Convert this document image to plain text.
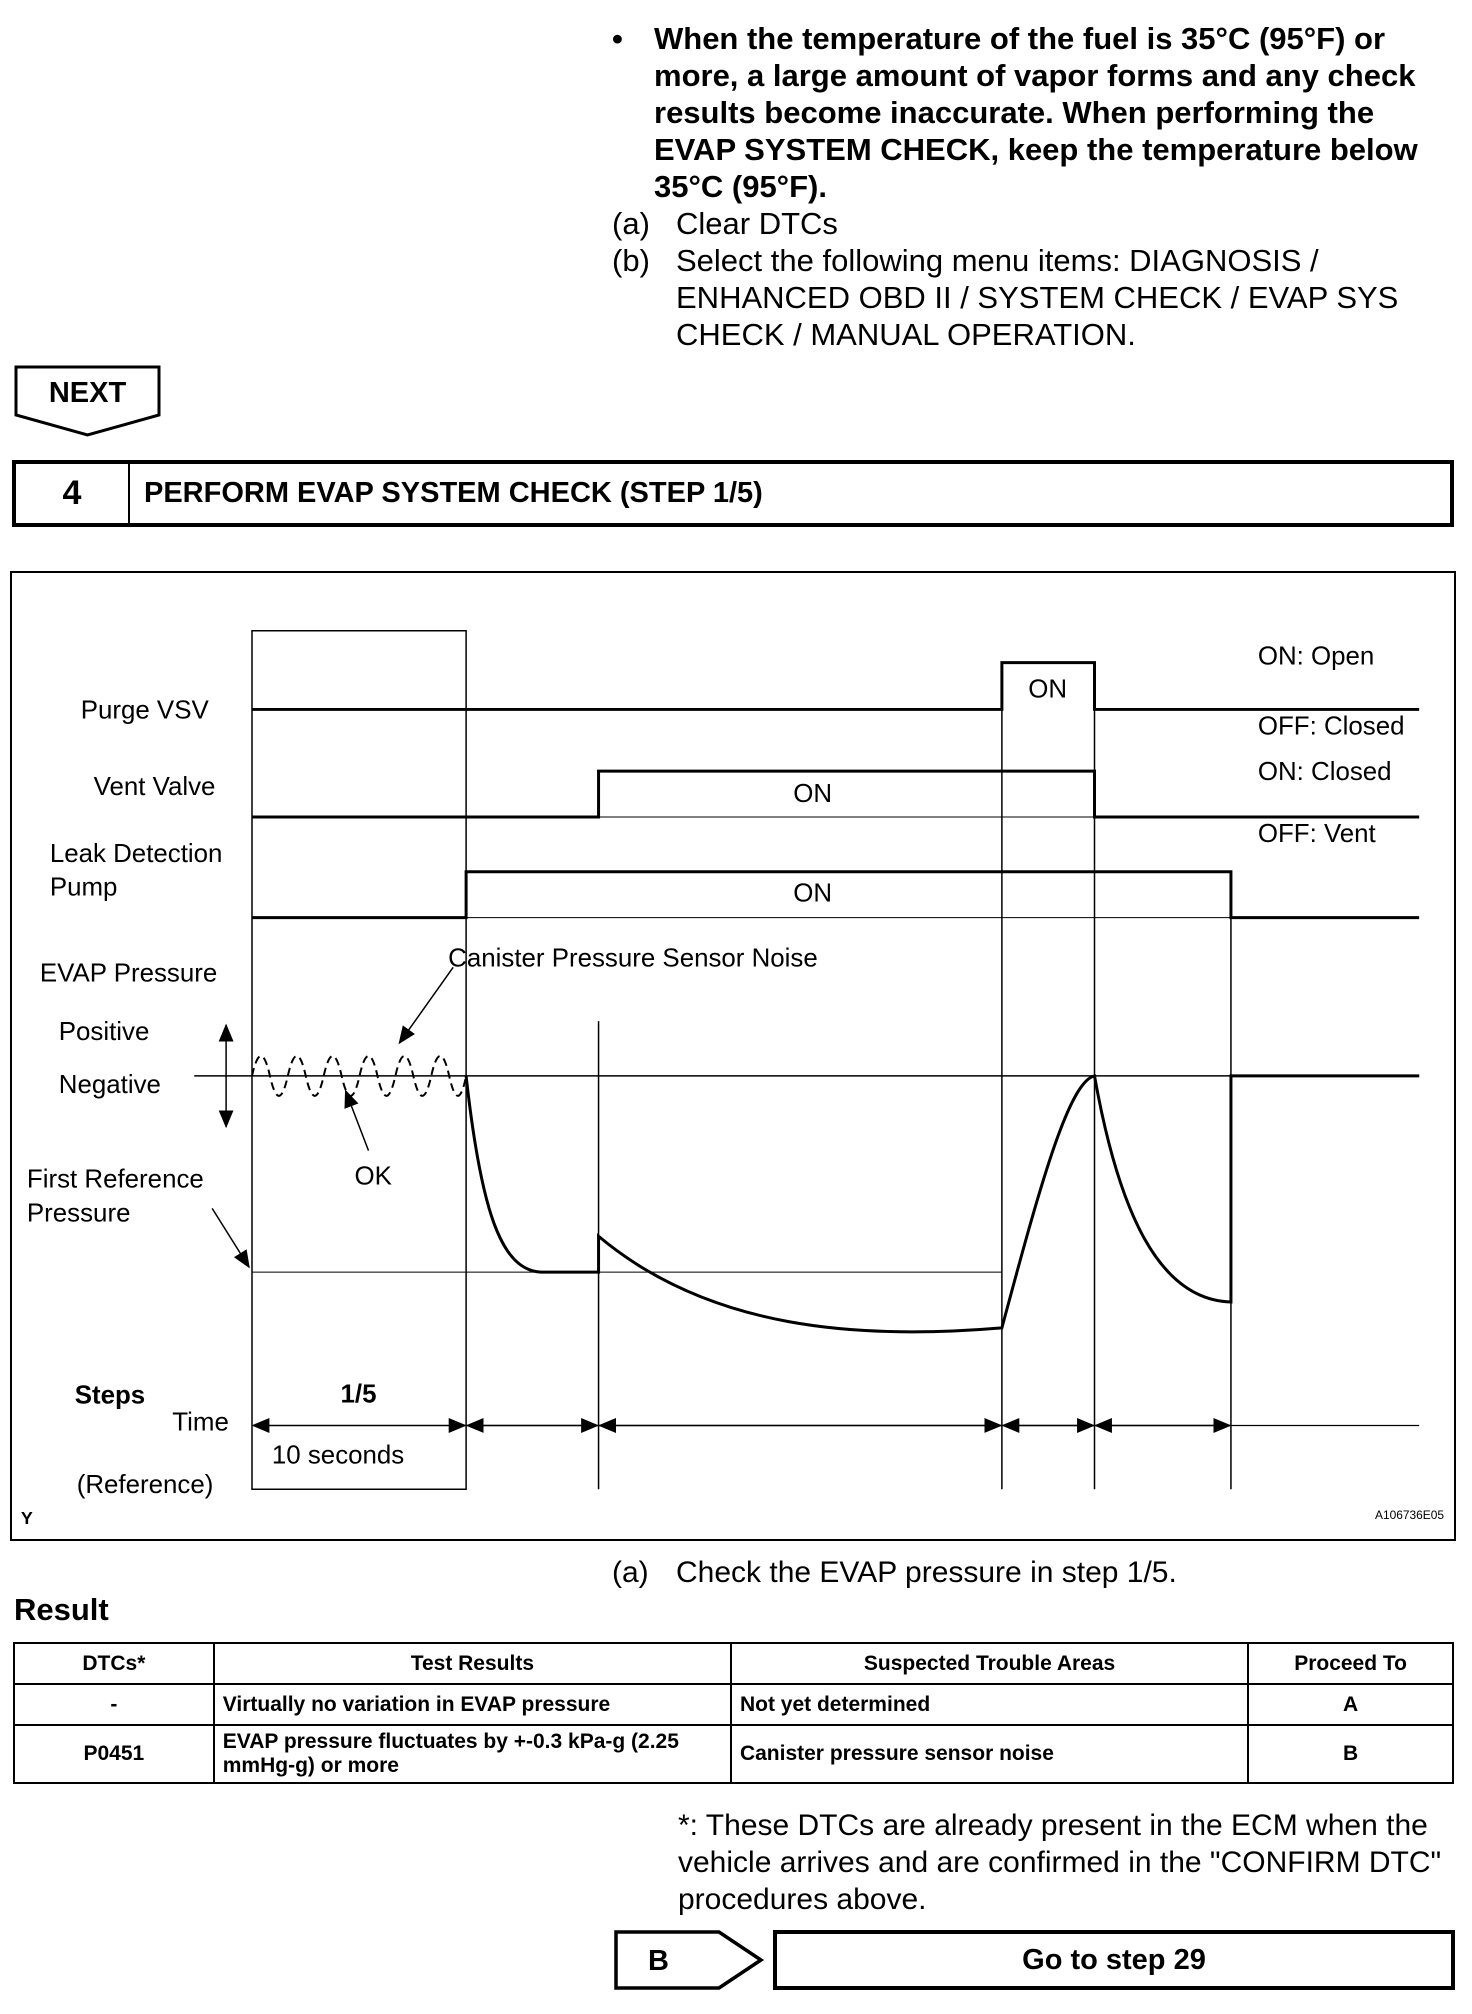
•	When the temperature of the fuel is 35°C (95°F) or more, a large amount of vapor forms and any check results become inaccurate. When performing the EVAP SYSTEM CHECK, keep the temperature below 35°C (95°F).
(a) Clear DTCs
(b) Select the following menu items: DIAGNOSIS / ENHANCED OBD II / SYSTEM CHECK / EVAP SYS CHECK / MANUAL OPERATION.
NEXT
4	PERFORM EVAP SYSTEM CHECK (STEP 1/5)
Purge VSV
Vent Valve
Leak Detection
Pump
EVAP Pressure
Positive
Negative
First Reference
Pressure
Steps
Time
(Reference)
ON: Open
OFF: Closed
ON: Closed
OFF: Vent
ON
ON
ON
Canister Pressure Sensor Noise
OK
1/5
10 seconds
Y	A106736E05
(a) Check the EVAP pressure in step 1/5.
Result
DTCs*	Test Results	Suspected Trouble Areas	Proceed To
-	Virtually no variation in EVAP pressure	Not yet determined	A
P0451	EVAP pressure fluctuates by +-0.3 kPa-g (2.25 mmHg-g) or more	Canister pressure sensor noise	B
*: These DTCs are already present in the ECM when the vehicle arrives and are confirmed in the "CONFIRM DTC" procedures above.
B	Go to step 29
